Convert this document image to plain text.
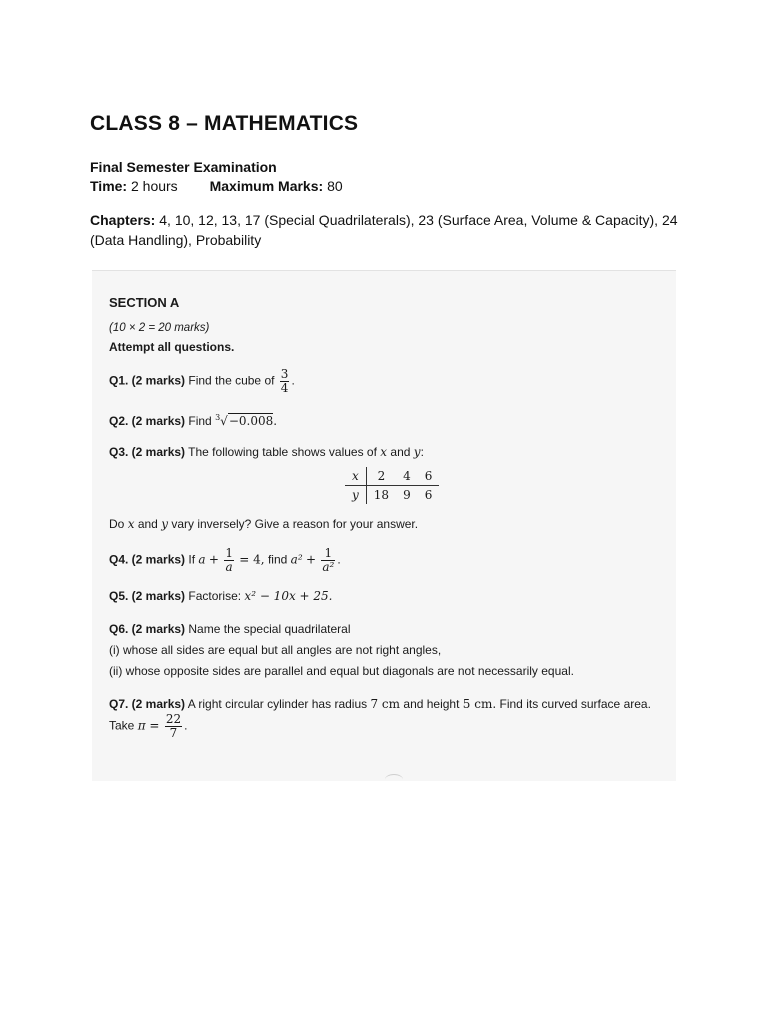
CLASS 8 – MATHEMATICS
Final Semester Examination
Time: 2 hours Maximum Marks: 80
Chapters: 4, 10, 12, 13, 17 (Special Quadrilaterals), 23 (Surface Area, Volume & Capacity), 24 (Data Handling), Probability
SECTION A
(10 × 2 = 20 marks)
Attempt all questions.
Q1. (2 marks) Find the cube of $\frac{3}{4}$ .
Q2. (2 marks) Find $^3$√−0.008.
Q3. (2 marks) The following table shows values of x and y:
x	2	4	6
y	18	9	6
Do x and y vary inversely? Give a reason for your answer.
Q4. (2 marks) If $a + \frac{1}{a} = 4$, find $a^2 + \frac{1}{\text{a²}}$ .
Q5. (2 marks) Factorise: x² − 10x + 25.
Q6. (2 marks) Name the special quadrilateral
(i) whose all sides are equal but all angles are not right angles,
(ii) whose opposite sides are parallel and equal but diagonals are not necessarily equal.
Q7. (2 marks) A right circular cylinder has radius 7 cm and height 5 cm. Find its curved surface area.
Take $\pi = \frac{22}{7}$ .
